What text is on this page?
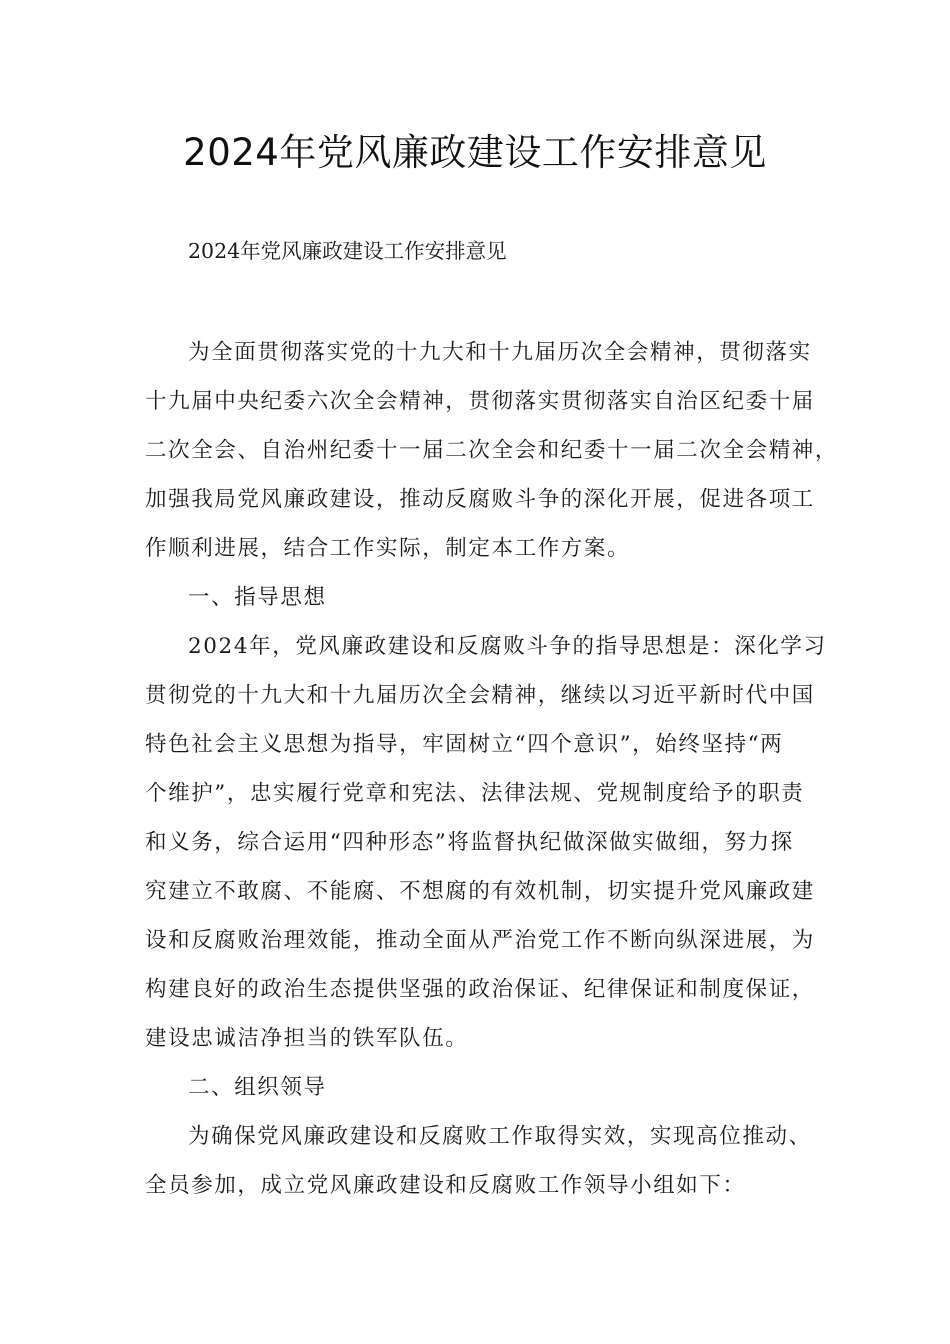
2024年党风廉政建设工作安排意见

2024年党风廉政建设工作安排意见

为全面贯彻落实党的十九大和十九届历次全会精神，贯彻落实
十九届中央纪委六次全会精神，贯彻落实贯彻落实自治区纪委十届
二次全会、自治州纪委十一届二次全会和纪委十一届二次全会精神，
加强我局党风廉政建设，推动反腐败斗争的深化开展，促进各项工
作顺利进展，结合工作实际，制定本工作方案。
一、指导思想
2024年，党风廉政建设和反腐败斗争的指导思想是：深化学习
贯彻党的十九大和十九届历次全会精神，继续以习近平新时代中国
特色社会主义思想为指导，牢固树立“四个意识”，始终坚持“两
个维护”，忠实履行党章和宪法、法律法规、党规制度给予的职责
和义务，综合运用“四种形态”将监督执纪做深做实做细，努力探
究建立不敢腐、不能腐、不想腐的有效机制，切实提升党风廉政建
设和反腐败治理效能，推动全面从严治党工作不断向纵深进展，为
构建良好的政治生态提供坚强的政治保证、纪律保证和制度保证，
建设忠诚洁净担当的铁军队伍。
二、组织领导
为确保党风廉政建设和反腐败工作取得实效，实现高位推动、
全员参加，成立党风廉政建设和反腐败工作领导小组如下：
